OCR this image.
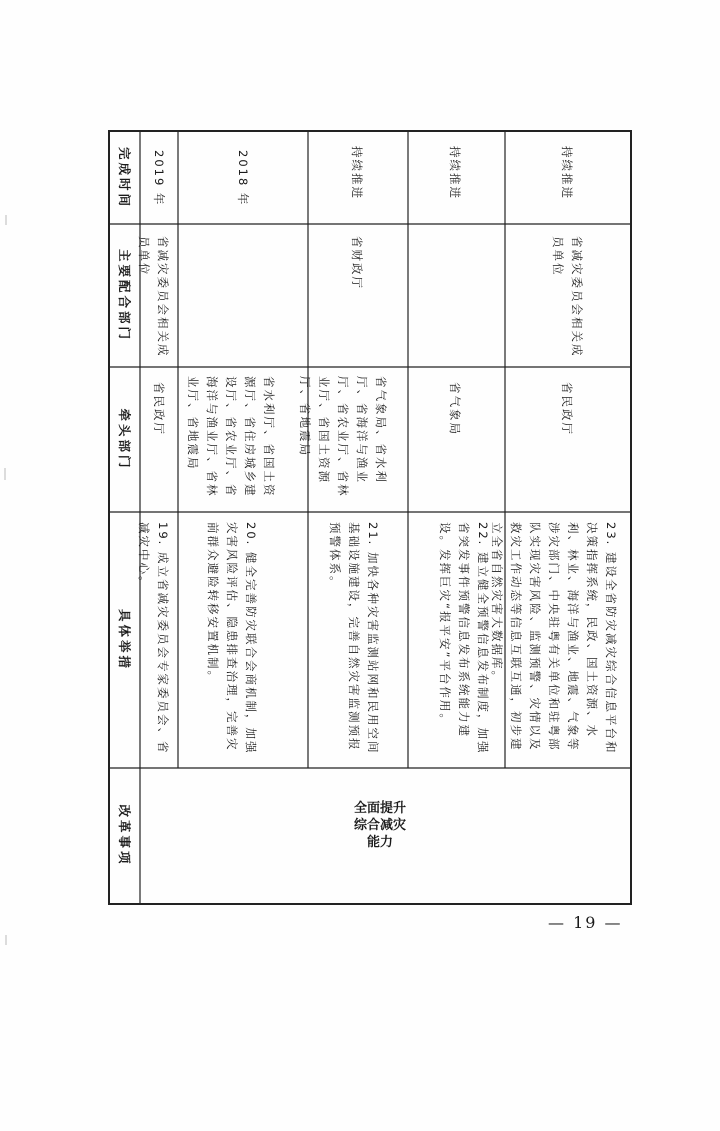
完成时间
主要配合部门
牵头部门
具体举措
改革事项	全面提升综合减灾能力
2019 年
省减灾委员会相关成员单位
省民政厅
19. 成立省减灾委员会专家委员会、省减灾中心。
2018 年
省水利厅、省国土资源厅、省住房城乡建设厅、省农业厅、省海洋与渔业厅、省林业厅、省地震局
20. 健全完善防灾联合会商机制，加强灾害风险评估、隐患排查治理，完善灾前群众避险转移安置机制。
持续推进
省财政厅
省气象局、省水利厅、省海洋与渔业厅、省农业厅、省林业厅、省国土资源厅、省地震局
21. 加快各种灾害监测站网和民用空间基础设施建设，完善自然灾害监测预报预警体系。
持续推进
省气象局
22. 建立健全预警信息发布制度，加强省突发事件预警信息发布系统能力建设。发挥巨灾“报平安”平台作用。
持续推进
省减灾委员会相关成员单位
省民政厅
23. 建设全省防灾减灾综合信息平台和决策指挥系统，民政、国土资源、水利、林业、海洋与渔业、地震、气象等涉灾部门、中央驻粤有关单位和驻粤部队实现灾害风险、监测预警、灾情以及救灾工作动态等信息互联互通，初步建立全省自然灾害大数据库。
— 19 —
